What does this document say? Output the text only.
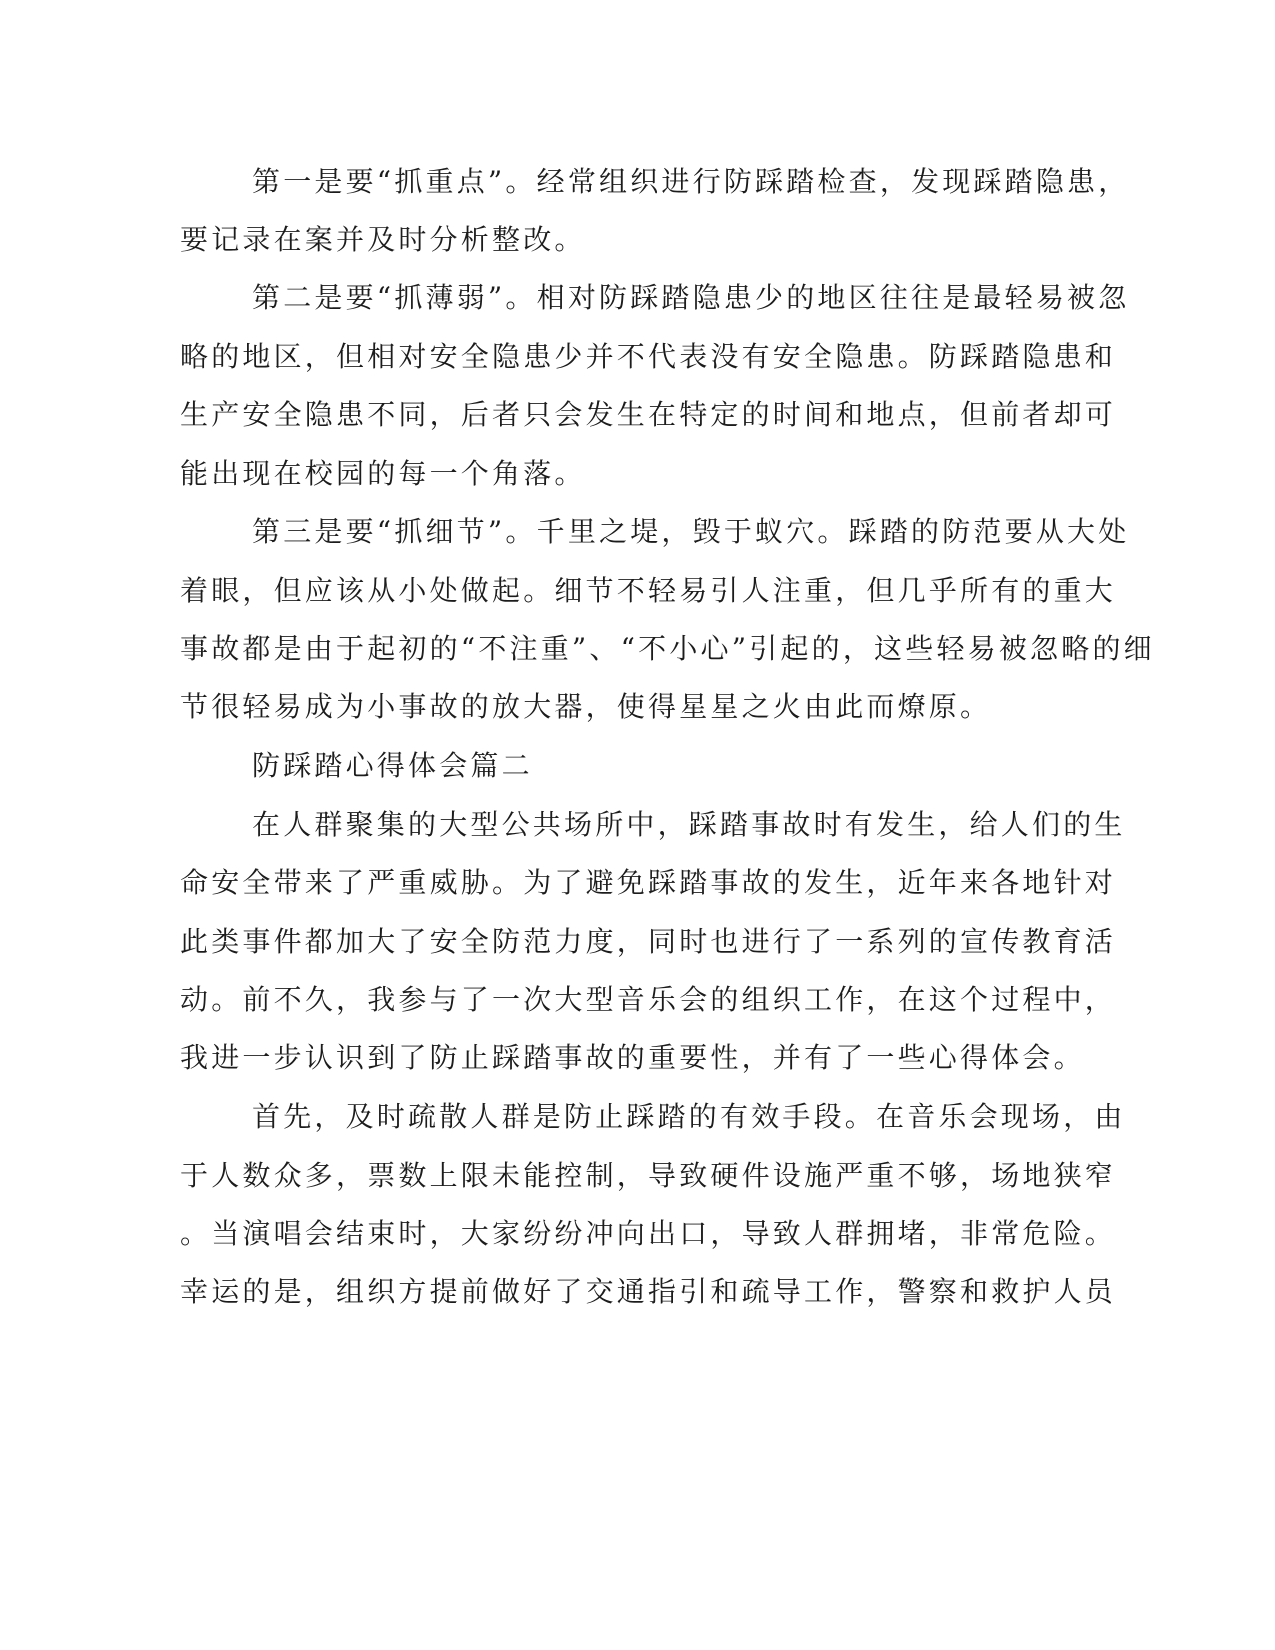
第一是要“抓重点”。经常组织进行防踩踏检查，发现踩踏隐患，
要记录在案并及时分析整改。
第二是要“抓薄弱”。相对防踩踏隐患少的地区往往是最轻易被忽
略的地区，但相对安全隐患少并不代表没有安全隐患。防踩踏隐患和
生产安全隐患不同，后者只会发生在特定的时间和地点，但前者却可
能出现在校园的每一个角落。
第三是要“抓细节”。千里之堤，毁于蚁穴。踩踏的防范要从大处
着眼，但应该从小处做起。细节不轻易引人注重，但几乎所有的重大
事故都是由于起初的“不注重”、“不小心”引起的，这些轻易被忽略的细
节很轻易成为小事故的放大器，使得星星之火由此而燎原。
防踩踏心得体会篇二
在人群聚集的大型公共场所中，踩踏事故时有发生，给人们的生
命安全带来了严重威胁。为了避免踩踏事故的发生，近年来各地针对
此类事件都加大了安全防范力度，同时也进行了一系列的宣传教育活
动。前不久，我参与了一次大型音乐会的组织工作，在这个过程中，
我进一步认识到了防止踩踏事故的重要性，并有了一些心得体会。
首先，及时疏散人群是防止踩踏的有效手段。在音乐会现场，由
于人数众多，票数上限未能控制，导致硬件设施严重不够，场地狭窄
。当演唱会结束时，大家纷纷冲向出口，导致人群拥堵，非常危险。
幸运的是，组织方提前做好了交通指引和疏导工作，警察和救护人员
